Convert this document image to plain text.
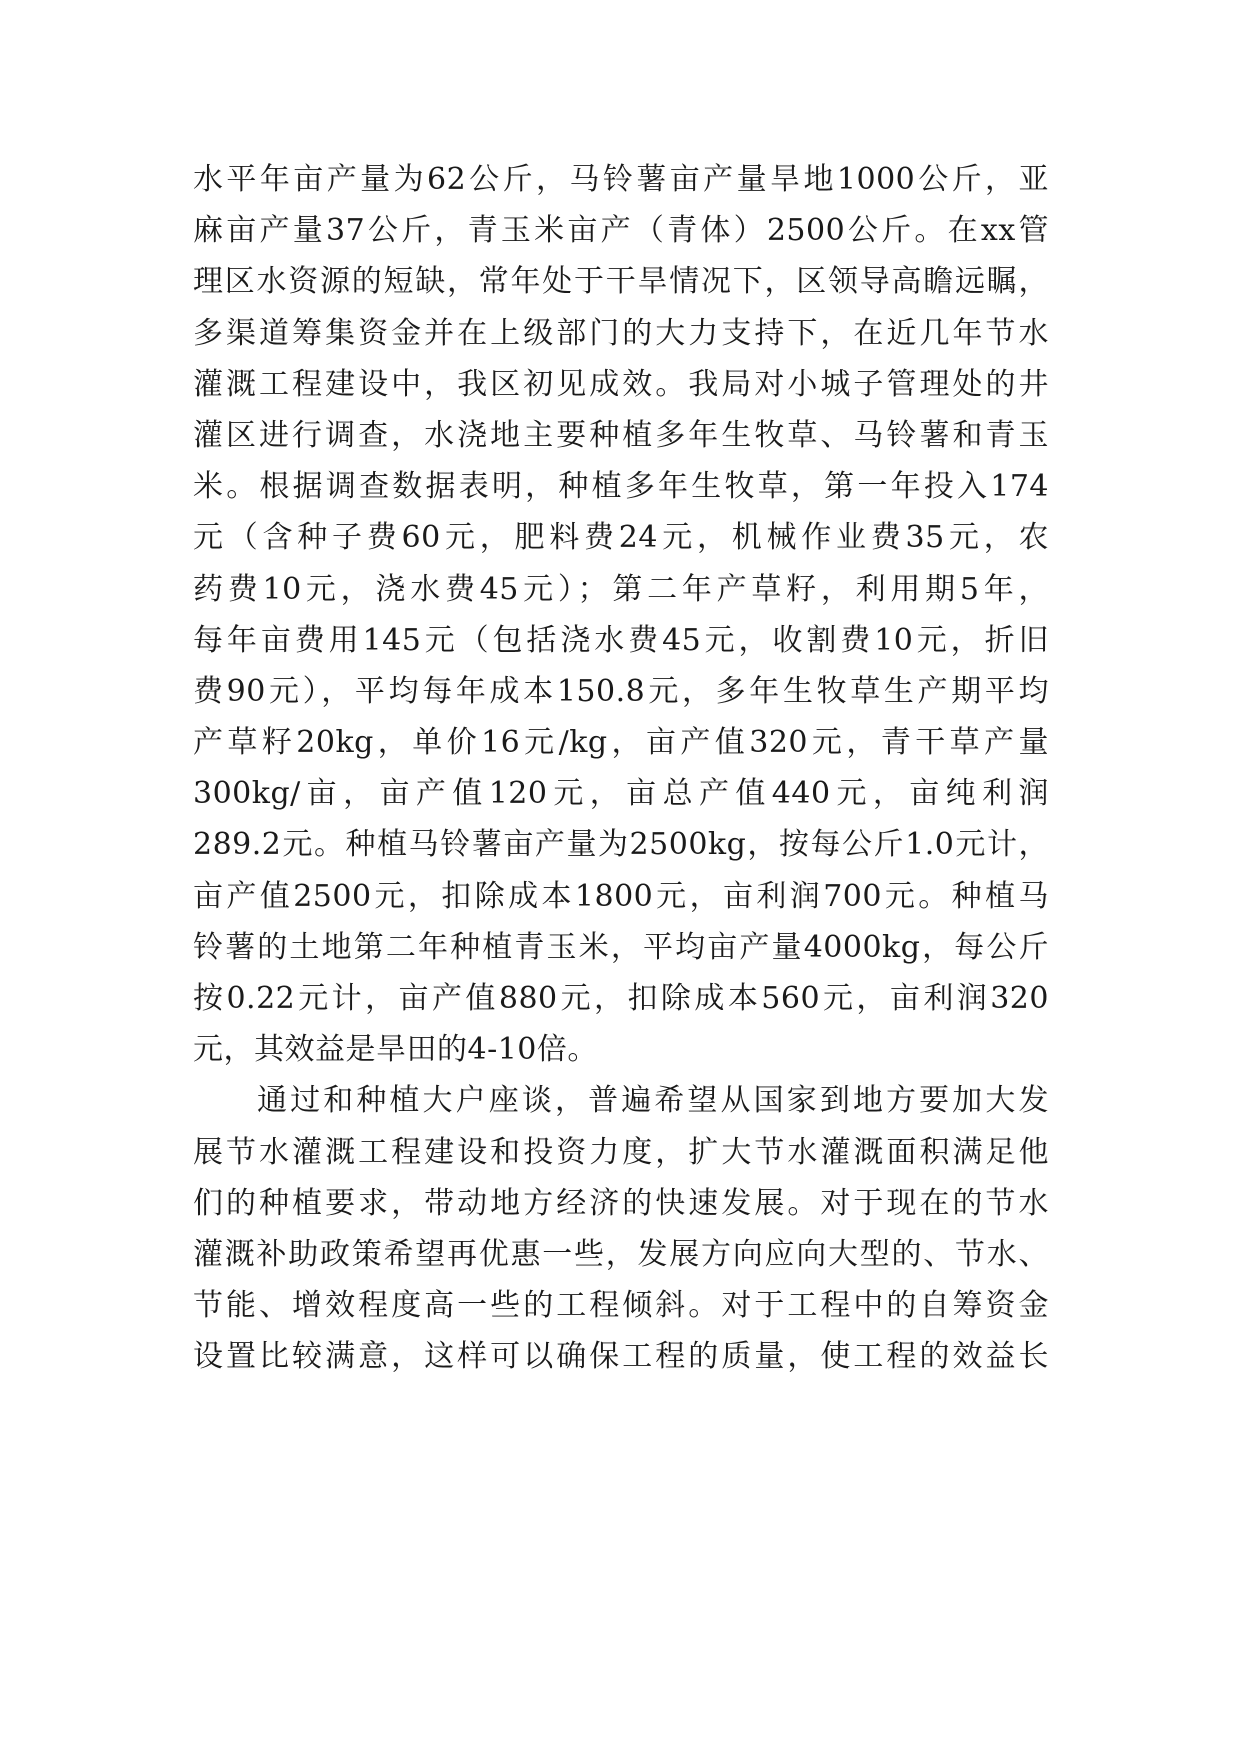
水平年亩产量为62公斤，马铃薯亩产量旱地1000公斤，亚
麻亩产量37公斤，青玉米亩产（青体）2500公斤。在xx管
理区水资源的短缺，常年处于干旱情况下，区领导高瞻远瞩，
多渠道筹集资金并在上级部门的大力支持下，在近几年节水
灌溉工程建设中，我区初见成效。我局对小城子管理处的井
灌区进行调查，水浇地主要种植多年生牧草、马铃薯和青玉
米。根据调查数据表明，种植多年生牧草，第一年投入174
元（含种子费60元，肥料费24元，机械作业费35元，农
药费10元，浇水费45元）；第二年产草籽，利用期5年，
每年亩费用145元（包括浇水费45元，收割费10元，折旧
费90元），平均每年成本150.8元，多年生牧草生产期平均
产草籽20kg，单价16元/kg，亩产值320元，青干草产量
300kg/亩，亩产值120元，亩总产值440元，亩纯利润
289.2元。种植马铃薯亩产量为2500kg，按每公斤1.0元计，
亩产值2500元，扣除成本1800元，亩利润700元。种植马
铃薯的土地第二年种植青玉米，平均亩产量4000kg，每公斤
按0.22元计，亩产值880元，扣除成本560元，亩利润320
元，其效益是旱田的4-10倍。
通过和种植大户座谈，普遍希望从国家到地方要加大发
展节水灌溉工程建设和投资力度，扩大节水灌溉面积满足他
们的种植要求，带动地方经济的快速发展。对于现在的节水
灌溉补助政策希望再优惠一些，发展方向应向大型的、节水、
节能、增效程度高一些的工程倾斜。对于工程中的自筹资金
设置比较满意，这样可以确保工程的质量，使工程的效益长
